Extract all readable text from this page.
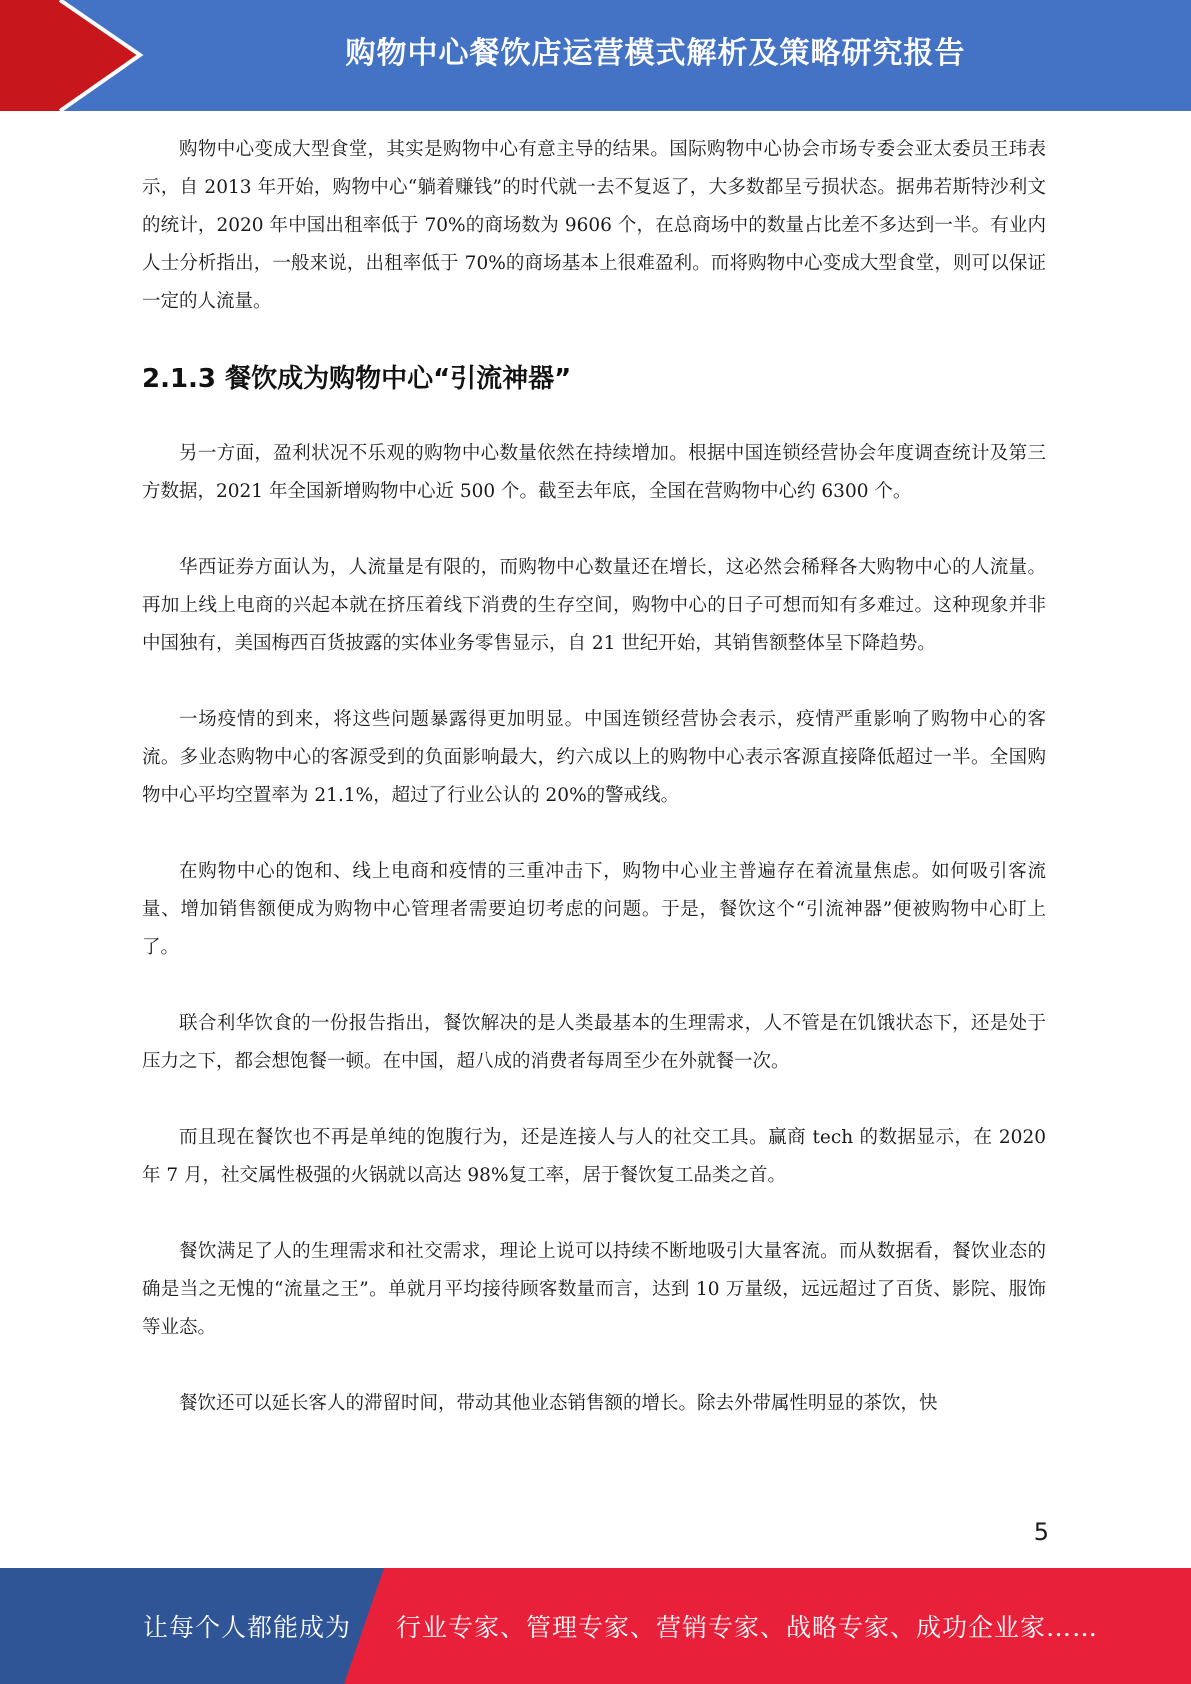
购物中心餐饮店运营模式解析及策略研究报告

购物中心变成大型食堂，其实是购物中心有意主导的结果。国际购物中心协会市场专委会亚太委员王玮表示，自 2013 年开始，购物中心“躺着赚钱”的时代就一去不复返了，大多数都呈亏损状态。据弗若斯特沙利文的统计，2020 年中国出租率低于 70%的商场数为 9606 个，在总商场中的数量占比差不多达到一半。有业内人士分析指出，一般来说，出租率低于 70%的商场基本上很难盈利。而将购物中心变成大型食堂，则可以保证一定的人流量。

2.1.3 餐饮成为购物中心“引流神器”

另一方面，盈利状况不乐观的购物中心数量依然在持续增加。根据中国连锁经营协会年度调查统计及第三方数据，2021 年全国新增购物中心近 500 个。截至去年底，全国在营购物中心约 6300 个。

华西证券方面认为，人流量是有限的，而购物中心数量还在增长，这必然会稀释各大购物中心的人流量。再加上线上电商的兴起本就在挤压着线下消费的生存空间，购物中心的日子可想而知有多难过。这种现象并非中国独有，美国梅西百货披露的实体业务零售显示，自 21 世纪开始，其销售额整体呈下降趋势。

一场疫情的到来，将这些问题暴露得更加明显。中国连锁经营协会表示，疫情严重影响了购物中心的客流。多业态购物中心的客源受到的负面影响最大，约六成以上的购物中心表示客源直接降低超过一半。全国购物中心平均空置率为 21.1%，超过了行业公认的 20%的警戒线。

在购物中心的饱和、线上电商和疫情的三重冲击下，购物中心业主普遍存在着流量焦虑。如何吸引客流量、增加销售额便成为购物中心管理者需要迫切考虑的问题。于是，餐饮这个“引流神器”便被购物中心盯上了。

联合利华饮食的一份报告指出，餐饮解决的是人类最基本的生理需求，人不管是在饥饿状态下，还是处于压力之下，都会想饱餐一顿。在中国，超八成的消费者每周至少在外就餐一次。

而且现在餐饮也不再是单纯的饱腹行为，还是连接人与人的社交工具。赢商 tech 的数据显示，在 2020 年 7 月，社交属性极强的火锅就以高达 98%复工率，居于餐饮复工品类之首。

餐饮满足了人的生理需求和社交需求，理论上说可以持续不断地吸引大量客流。而从数据看，餐饮业态的确是当之无愧的“流量之王”。单就月平均接待顾客数量而言，达到 10 万量级，远远超过了百货、影院、服饰等业态。

餐饮还可以延长客人的滞留时间，带动其他业态销售额的增长。除去外带属性明显的茶饮，快

5
让每个人都能成为 行业专家、管理专家、营销专家、战略专家、成功企业家……
